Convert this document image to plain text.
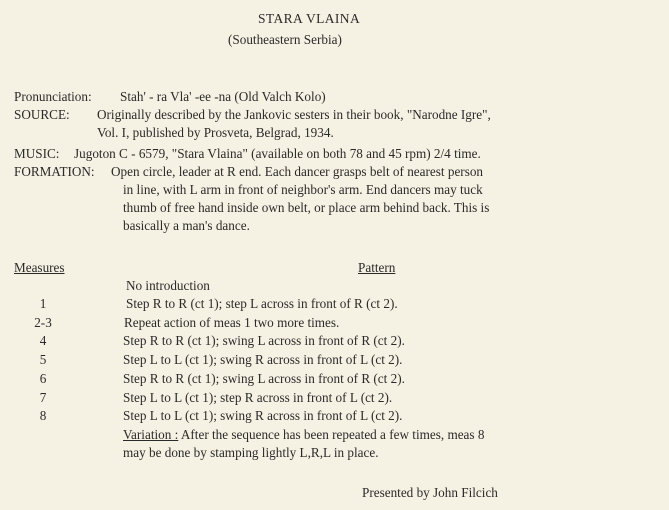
STARA VLAINA
(Southeastern Serbia)
Pronunciation: Stah' - ra Vla' -ee -na (Old Valch Kolo)
SOURCE: Originally described by the Jankovic sesters in their book, "Narodne Igre",
Vol. I, published by Prosveta, Belgrad, 1934.
MUSIC: Jugoton C - 6579, "Stara Vlaina" (available on both 78 and 45 rpm) 2/4 time.
FORMATION: Open circle, leader at R end. Each dancer grasps belt of nearest person
in line, with L arm in front of neighbor's arm. End dancers may tuck
thumb of free hand inside own belt, or place arm behind back. This is
basically a man's dance.
Measures	Pattern
No introduction
1	Step R to R (ct 1); step L across in front of R (ct 2).
2-3	Repeat action of meas 1 two more times.
4	Step R to R (ct 1); swing L across in front of R (ct 2).
5	Step L to L (ct 1); swing R across in front of L (ct 2).
6	Step R to R (ct 1); swing L across in front of R (ct 2).
7	Step L to L (ct 1); step R across in front of L (ct 2).
8	Step L to L (ct 1); swing R across in front of L (ct 2).
Variation : After the sequence has been repeated a few times, meas 8
may be done by stamping lightly L,R,L in place.
Presented by John Filcich
